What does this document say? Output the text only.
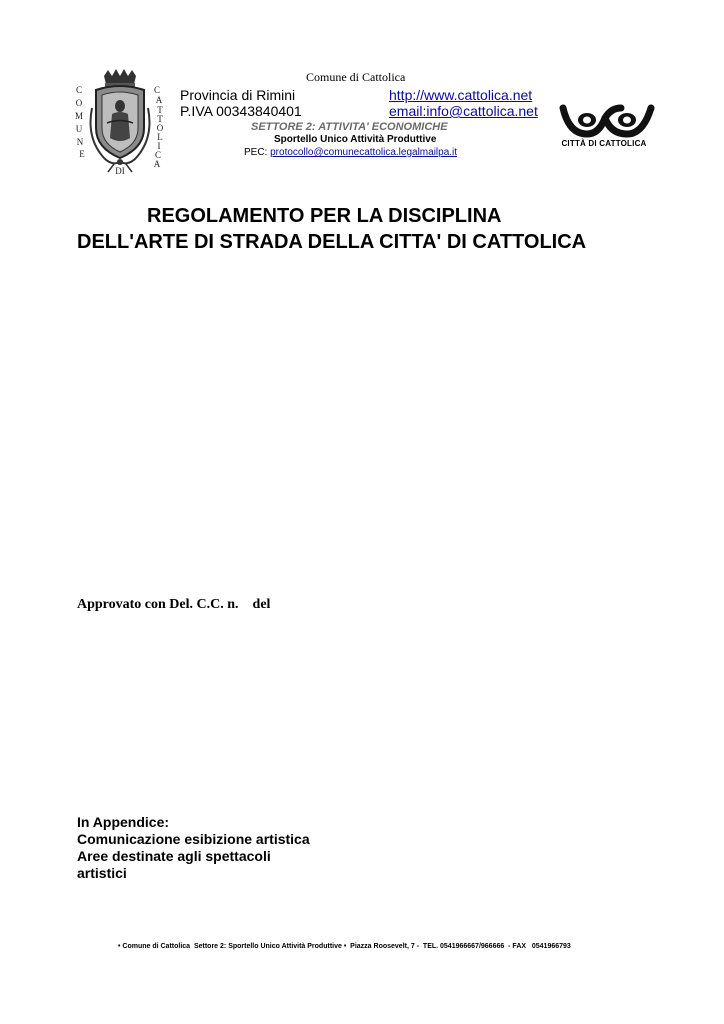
C
O
M
U
N
E
C
A
T
T
O
L
I
C
A
DI
Comune di Cattolica
Provincia di Rimini
P.IVA 00343840401
http://www.cattolica.net
email:info@cattolica.net
SETTORE 2: ATTIVITA' ECONOMICHE
Sportello Unico Attività Produttive
PEC: protocollo@comunecattolica.legalmailpa.it
CITTÀ DI CATTOLICA
REGOLAMENTO PER LA DISCIPLINA
DELL'ARTE DI STRADA DELLA CITTA' DI CATTOLICA
Approvato con Del. C.C. n.    del
In Appendice:
Comunicazione esibizione artistica
Aree destinate agli spettacoli
artistici
• Comune di Cattolica  Settore 2: Sportello Unico Attività Produttive •  Piazza Roosevelt, 7 -  TEL. 0541966667/966666  - FAX   0541966793
